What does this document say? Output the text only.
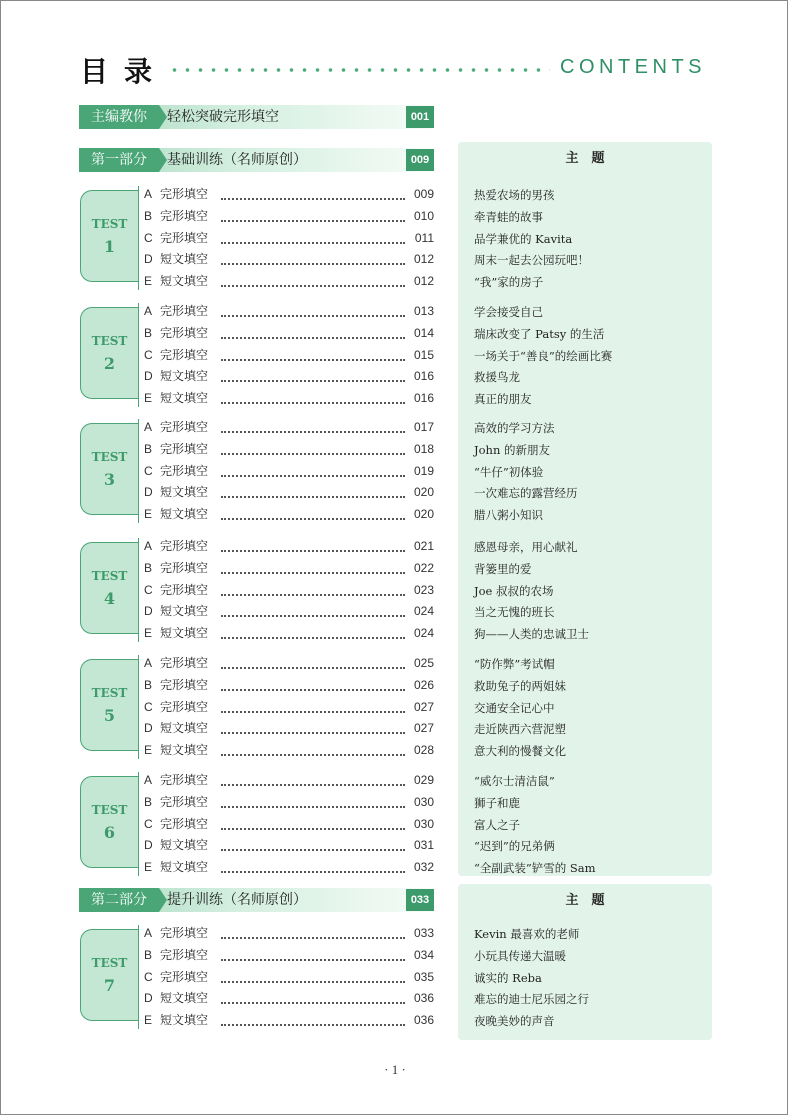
目录	CONTENTS
主编教你	轻松突破完形填空	001
第一部分	基础训练（名师原创）	009
第二部分	提升训练（名师原创）	033
主　题
主　题
TEST
1
A 完形填空	009	热爱农场的男孩
B 完形填空	010	牵青蛙的故事
C 完形填空	011	品学兼优的 Kavita
D 短文填空	012	周末一起去公园玩吧！
E 短文填空	012	“我”家的房子
TEST
2
A 完形填空	013	学会接受自己
B 完形填空	014	瑞床改变了 Patsy 的生活
C 完形填空	015	一场关于“善良”的绘画比赛
D 短文填空	016	救援鸟龙
E 短文填空	016	真正的朋友
TEST
3
A 完形填空	017	高效的学习方法
B 完形填空	018	John 的新朋友
C 完形填空	019	“牛仔”初体验
D 短文填空	020	一次难忘的露营经历
E 短文填空	020	腊八粥小知识
TEST
4
A 完形填空	021	感恩母亲，用心献礼
B 完形填空	022	背篓里的爱
C 完形填空	023	Joe 叔叔的农场
D 短文填空	024	当之无愧的班长
E 短文填空	024	狗——人类的忠诚卫士
TEST
5
A 完形填空	025	“防作弊”考试帽
B 完形填空	026	救助兔子的两姐妹
C 完形填空	027	交通安全记心中
D 短文填空	027	走近陕西六营泥塑
E 短文填空	028	意大利的慢餐文化
TEST
6
A 完形填空	029	“威尔士清洁鼠”
B 完形填空	030	狮子和鹿
C 完形填空	030	富人之子
D 短文填空	031	“迟到”的兄弟俩
E 短文填空	032	“全副武装”铲雪的 Sam
TEST
7
A 完形填空	033	Kevin 最喜欢的老师
B 完形填空	034	小玩具传递大温暖
C 完形填空	035	诚实的 Reba
D 短文填空	036	难忘的迪士尼乐园之行
E 短文填空	036	夜晚美妙的声音
· 1 ·
